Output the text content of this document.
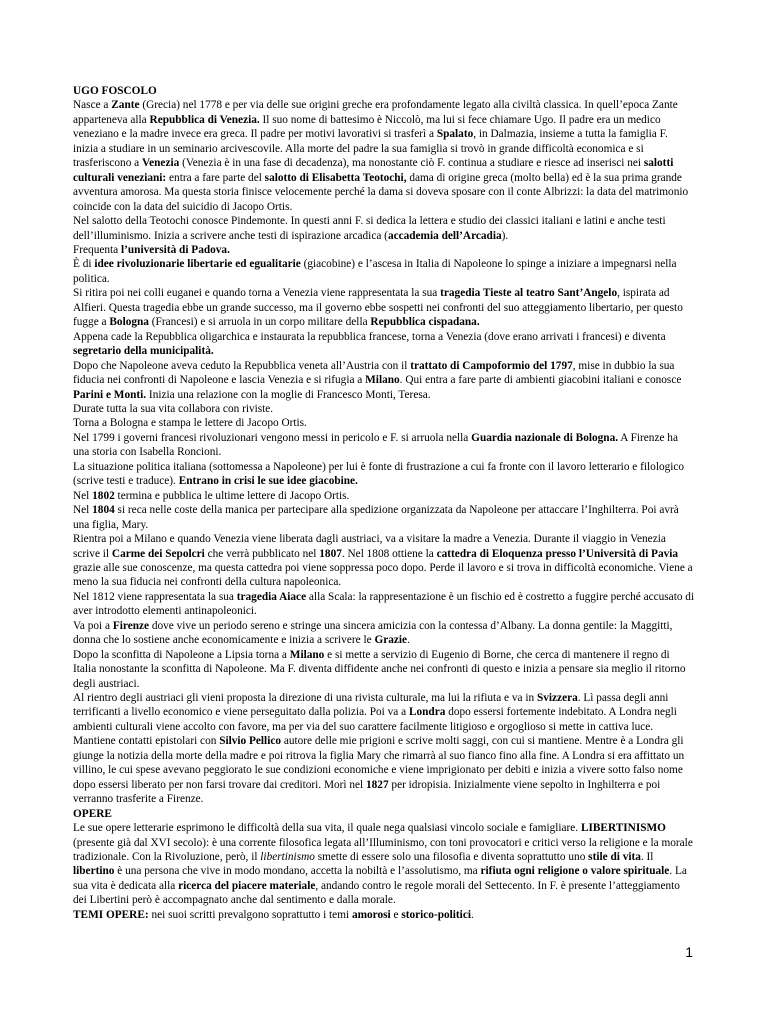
UGO FOSCOLO

Nasce a Zante (Grecia) nel 1778 e per via delle sue origini greche era profondamente legato alla civiltà classica. In quell’epoca Zante apparteneva alla Repubblica di Venezia. Il suo nome di battesimo è Niccolò, ma lui si fece chiamare Ugo. Il padre era un medico veneziano e la madre invece era greca. Il padre per motivi lavorativi si trasferì a Spalato, in Dalmazia, insieme a tutta la famiglia F. inizia a studiare in un seminario arcivescovile. Alla morte del padre la sua famiglia si trovò in grande difficoltà economica e si trasferiscono a Venezia (Venezia è in una fase di decadenza), ma nonostante ciò F. continua a studiare e riesce ad inserisci nei salotti culturali veneziani: entra a fare parte del salotto di Elisabetta Teotochi, dama di origine greca (molto bella) ed è la sua prima grande avventura amorosa. Ma questa storia finisce velocemente perché la dama si doveva sposare con il conte Albrizzi: la data del matrimonio coincide con la data del suicidio di Jacopo Ortis.

Nel salotto della Teotochi conosce Pindemonte. In questi anni F. si dedica la lettera e studio dei classici italiani e latini e anche testi dell’illuminismo. Inizia a scrivere anche testi di ispirazione arcadica (accademia dell’Arcadia).

Frequenta l’università di Padova.

È di idee rivoluzionarie libertarie ed egualitarie (giacobine) e l’ascesa in Italia di Napoleone lo spinge a iniziare a impegnarsi nella politica.

Si ritira poi nei colli euganei e quando torna a Venezia viene rappresentata la sua tragedia Tieste al teatro Sant’Angelo, ispirata ad Alfieri. Questa tragedia ebbe un grande successo, ma il governo ebbe sospetti nei confronti del suo atteggiamento libertario, per questo fugge a Bologna (Francesi) e si arruola in un corpo militare della Repubblica cispadana.

Appena cade la Repubblica oligarchica e instaurata la repubblica francese, torna a Venezia (dove erano arrivati i francesi) e diventa segretario della municipalità.

Dopo che Napoleone aveva ceduto la Repubblica veneta all’Austria con il trattato di Campoformio del 1797, mise in dubbio la sua fiducia nei confronti di Napoleone e lascia Venezia e si rifugia a Milano. Qui entra a fare parte di ambienti giacobini italiani e conosce Parini e Monti. Inizia una relazione con la moglie di Francesco Monti, Teresa.

Durate tutta la sua vita collabora con riviste.

Torna a Bologna e stampa le lettere di Jacopo Ortis.

Nel 1799 i governi francesi rivoluzionari vengono messi in pericolo e F. si arruola nella Guardia nazionale di Bologna. A Firenze ha una storia con Isabella Roncioni.

La situazione politica italiana (sottomessa a Napoleone) per lui è fonte di frustrazione a cui fa fronte con il lavoro letterario e filologico (scrive testi e traduce). Entrano in crisi le sue idee giacobine.

Nel 1802 termina e pubblica le ultime lettere di Jacopo Ortis.

Nel 1804 si reca nelle coste della manica per partecipare alla spedizione organizzata da Napoleone per attaccare l’Inghilterra. Poi avrà una figlia, Mary.

Rientra poi a Milano e quando Venezia viene liberata dagli austriaci, va a visitare la madre a Venezia. Durante il viaggio in Venezia scrive il Carme dei Sepolcri che verrà pubblicato nel 1807. Nel 1808 ottiene la cattedra di Eloquenza presso l’Università di Pavia grazie alle sue conoscenze, ma questa cattedra poi viene soppressa poco dopo. Perde il lavoro e si trova in difficoltà economiche. Viene a meno la sua fiducia nei confronti della cultura napoleonica.

Nel 1812 viene rappresentata la sua tragedia Aiace alla Scala: la rappresentazione è un fischio ed è costretto a fuggire perché accusato di aver introdotto elementi antinapoleonici.

Va poi a Firenze dove vive un periodo sereno e stringe una sincera amicizia con la contessa d’Albany. La donna gentile: la Maggitti, donna che lo sostiene anche economicamente e inizia a scrivere le Grazie.

Dopo la sconfitta di Napoleone a Lipsia torna a Milano e si mette a servizio di Eugenio di Borne, che cerca di mantenere il regno di Italia nonostante la sconfitta di Napoleone. Ma F. diventa diffidente anche nei confronti di questo e inizia a pensare sia meglio il ritorno degli austriaci.

Al rientro degli austriaci gli vieni proposta la direzione di una rivista culturale, ma lui la rifiuta e va in Svizzera. Lì passa degli anni terrificanti a livello economico e viene perseguitato dalla polizia. Poi va a Londra dopo essersi fortemente indebitato. A Londra negli ambienti culturali viene accolto con favore, ma per via del suo carattere facilmente litigioso e orgoglioso si mette in cattiva luce. Mantiene contatti epistolari con Silvio Pellico autore delle mie prigioni e scrive molti saggi, con cui si mantiene. Mentre è a Londra gli giunge la notizia della morte della madre e poi ritrova la figlia Mary che rimarrà al suo fianco fino alla fine. A Londra si era affittato un villino, le cui spese avevano peggiorato le sue condizioni economiche e viene imprigionato per debiti e inizia a vivere sotto falso nome dopo essersi liberato per non farsi trovare dai creditori. Morì nel 1827 per idropisia. Inizialmente viene sepolto in Inghilterra e poi verranno trasferite a Firenze.

OPERE

Le sue opere letterarie esprimono le difficoltà della sua vita, il quale nega qualsiasi vincolo sociale e famigliare. LIBERTINISMO (presente già dal XVI secolo): è una corrente filosofica legata all’Illuminismo, con toni provocatori e critici verso la religione e la morale tradizionale. Con la Rivoluzione, però, il libertinismo smette di essere solo una filosofia e diventa soprattutto uno stile di vita. Il libertino è una persona che vive in modo mondano, accetta la nobiltà e l’assolutismo, ma rifiuta ogni religione o valore spirituale. La sua vita è dedicata alla ricerca del piacere materiale, andando contro le regole morali del Settecento. In F. è presente l’atteggiamento dei Libertini però è accompagnato anche dal sentimento e dalla morale.

TEMI OPERE: nei suoi scritti prevalgono soprattutto i temi amorosi e storico-politici.

1
